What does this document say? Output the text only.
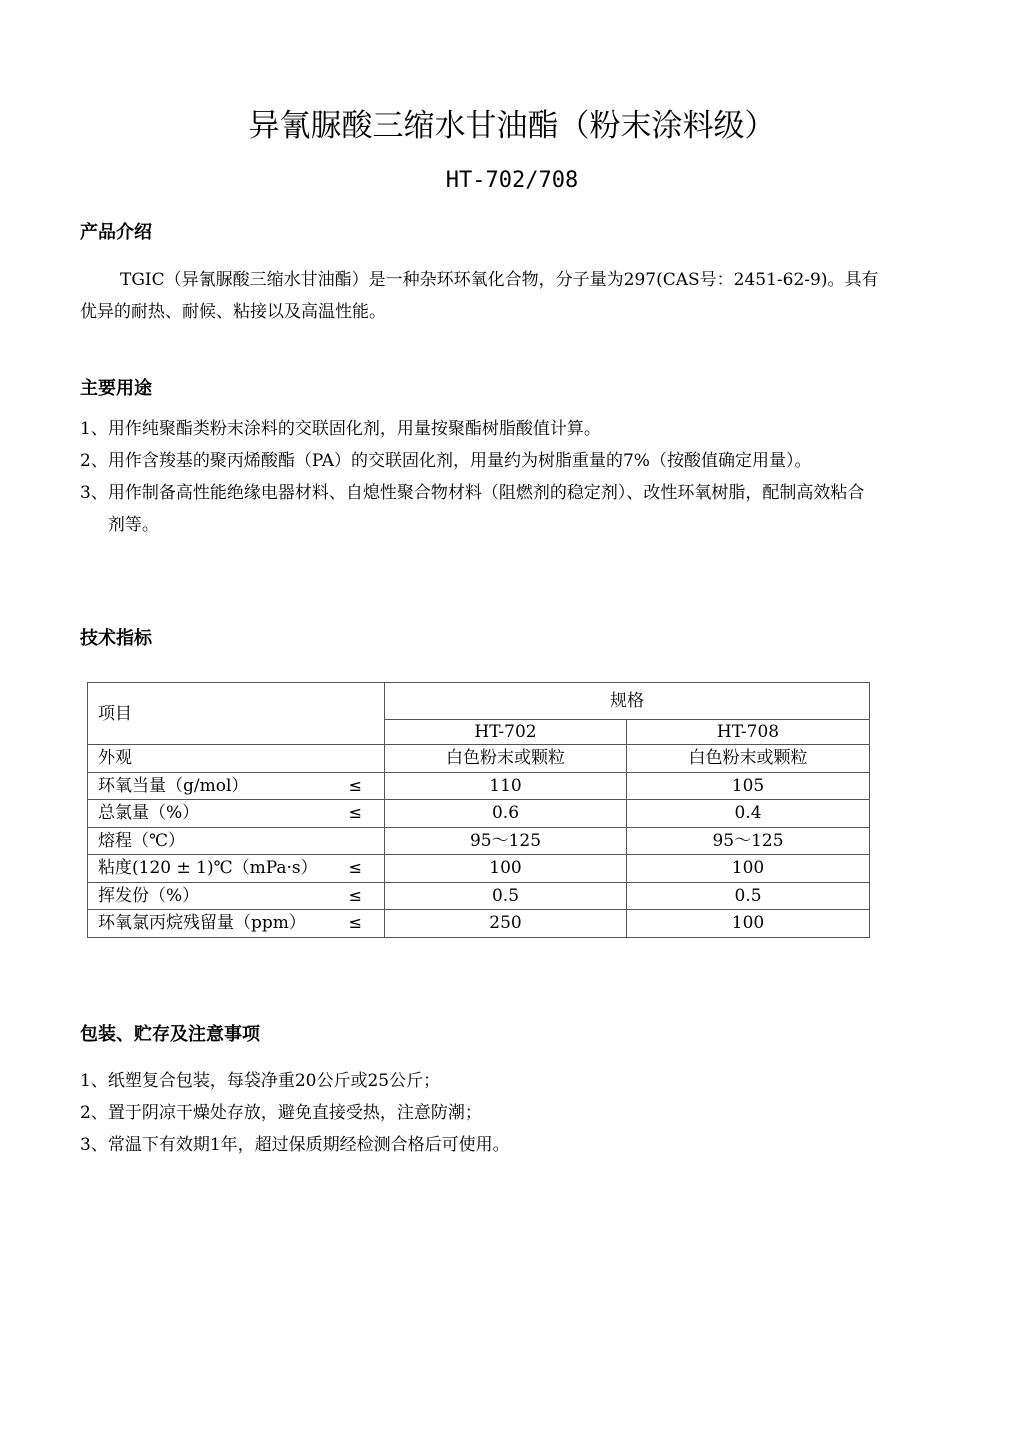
异氰脲酸三缩水甘油酯（粉末涂料级）
HT-702/708
产品介绍
TGIC（异氰脲酸三缩水甘油酯）是一种杂环环氧化合物，分子量为297(CAS号：2451-62-9)。具有优异的耐热、耐候、粘接以及高温性能。
主要用途
1、 用作纯聚酯类粉末涂料的交联固化剂，用量按聚酯树脂酸值计算。
2、 用作含羧基的聚丙烯酸酯（PA）的交联固化剂，用量约为树脂重量的7%（按酸值确定用量）。
3、 用作制备高性能绝缘电器材料、自熄性聚合物材料（阻燃剂的稳定剂）、改性环氧树脂，配制高效粘合剂等。
技术指标
项目	规格	
	HT-702	HT-708

外观	白色粉末或颗粒	白色粉末或颗粒

环氧当量（g/mol） ≤	110	105

总氯量（%） ≤	0.6	0.4

熔程（℃）	95～125	95～125

粘度(120 ± 1)℃（mPa·s） ≤	100	100

挥发份（%） ≤	0.5	0.5

环氧氯丙烷残留量（ppm） ≤	250	100
包装、贮存及注意事项
1、 纸塑复合包装，每袋净重20公斤或25公斤；
2、 置于阴凉干燥处存放，避免直接受热，注意防潮；
3、 常温下有效期1年，超过保质期经检测合格后可使用。
